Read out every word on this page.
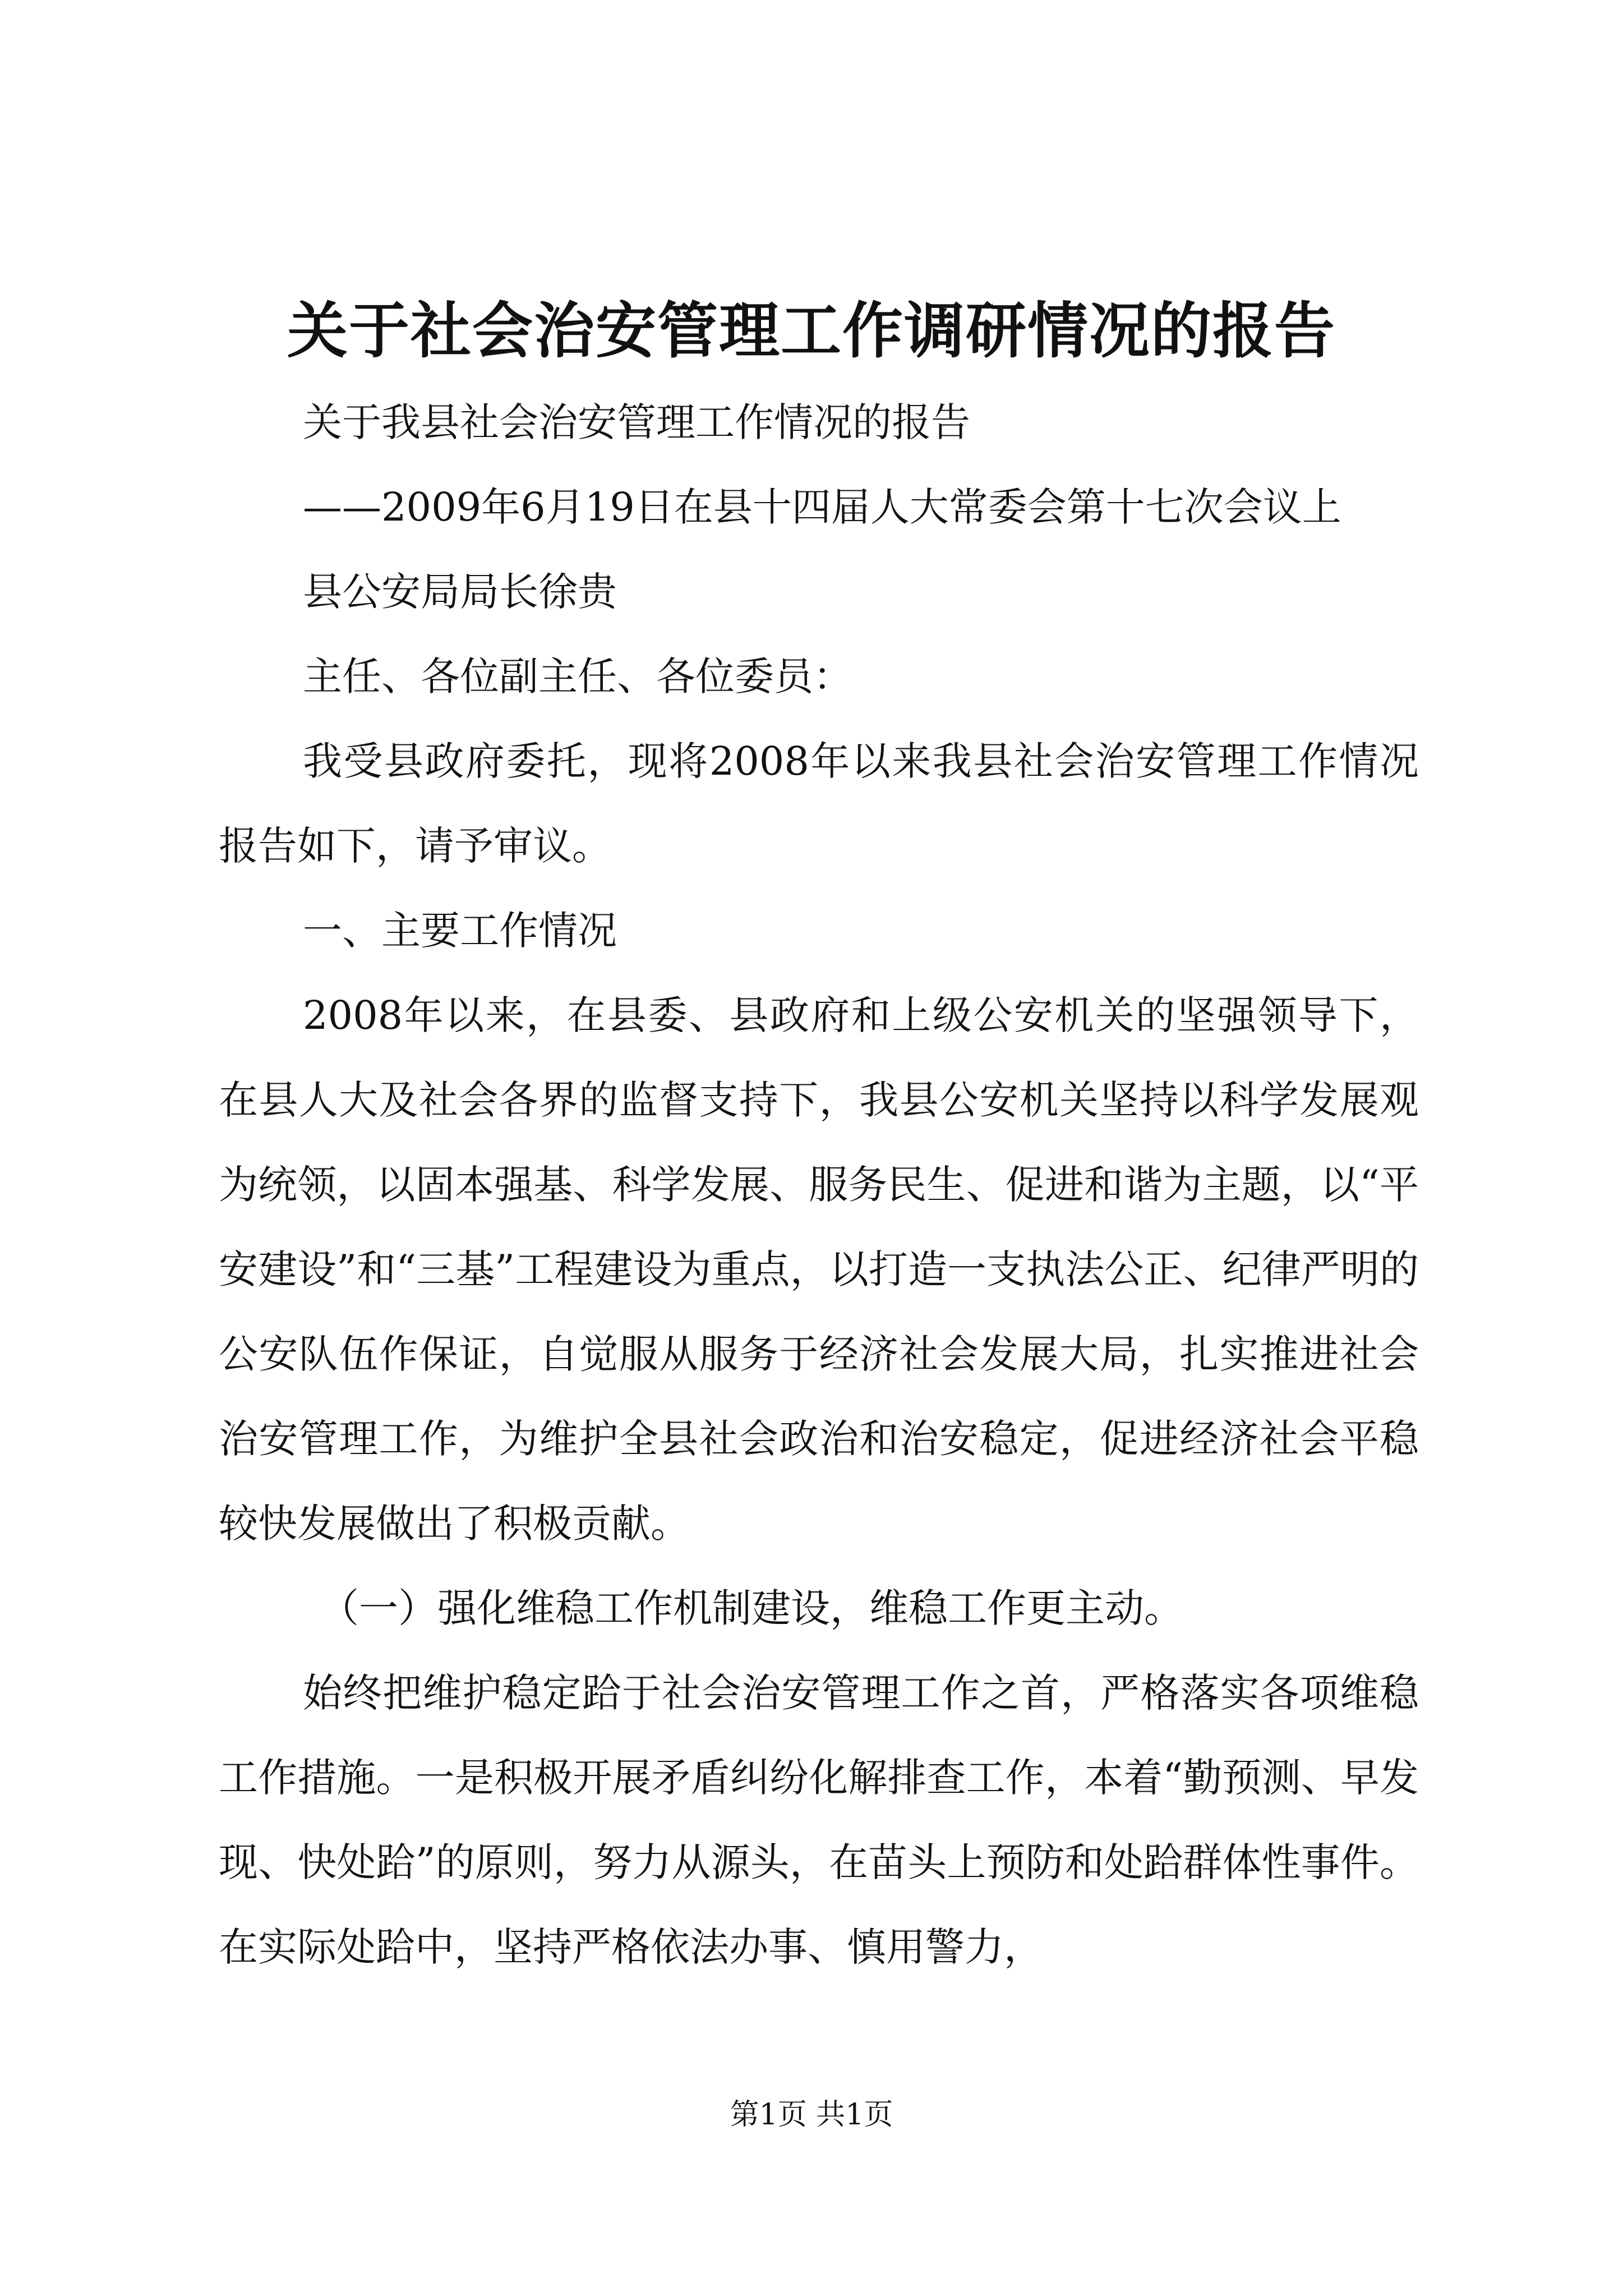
关于社会治安管理工作调研情况的报告

关于我县社会治安管理工作情况的报告

——2009年6月19日在县十四届人大常委会第十七次会议上

县公安局局长徐贵

主任、各位副主任、各位委员：

我受县政府委托，现将2008年以来我县社会治安管理工作情况报告如下，请予审议。

一、主要工作情况

2008年以来，在县委、县政府和上级公安机关的坚强领导下，在县人大及社会各界的监督支持下，我县公安机关坚持以科学发展观为统领，以固本强基、科学发展、服务民生、促进和谐为主题，以“平安建设”和“三基”工程建设为重点，以打造一支执法公正、纪律严明的公安队伍作保证，自觉服从服务于经济社会发展大局，扎实推进社会治安管理工作，为维护全县社会政治和治安稳定，促进经济社会平稳较快发展做出了积极贡献。

（一）强化维稳工作机制建设，维稳工作更主动。

始终把维护稳定跲于社会治安管理工作之首，严格落实各项维稳工作措施。一是积极开展矛盾纠纷化解排查工作，本着“勤预测、早发现、快处跲”的原则，努力从源头，在苗头上预防和处跲群体性事件。在实际处跲中，坚持严格依法办事、慎用警力，

第1页 共1页
